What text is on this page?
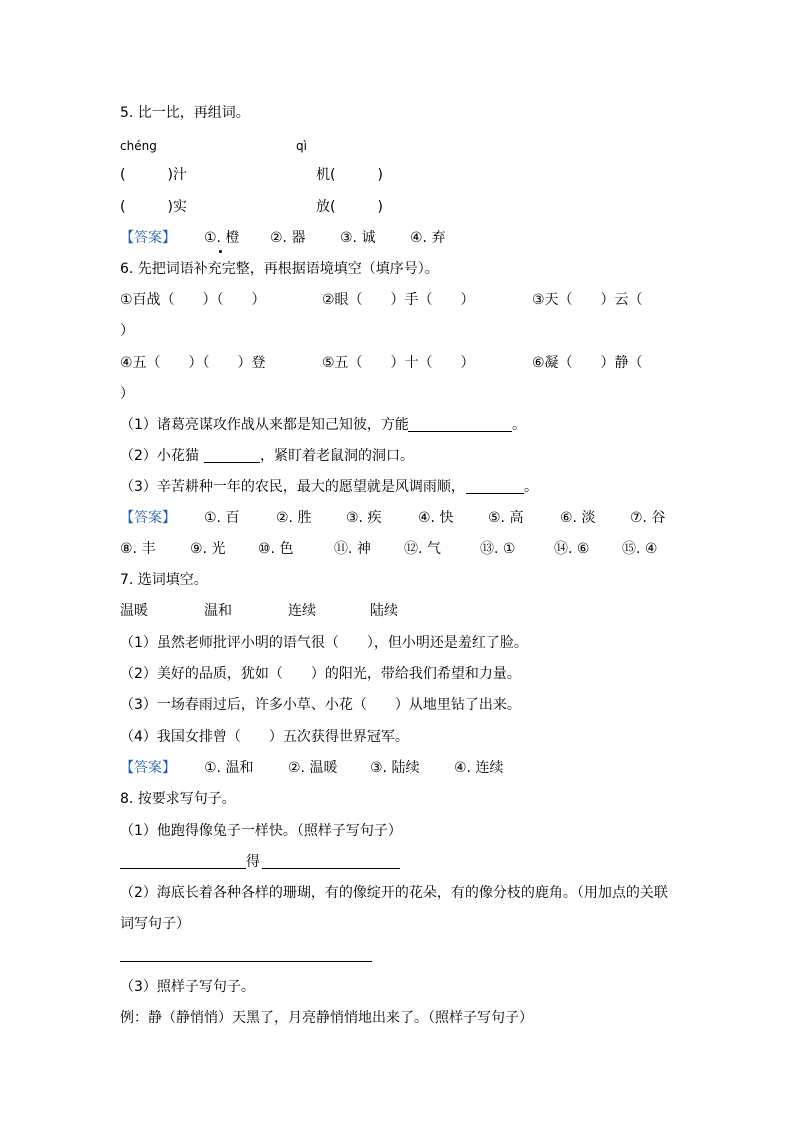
5. 比一比，再组词。
chéng	qì
(　　　)汁	机(　　　)
(　　　)实	放(　　　)
【答案】 ①. 橙 ②. 器 ③. 诚 ④. 弃
6. 先把词语补充完整，再根据语境填空（填序号）。
①百战（　　）（　　）	②眼（　　）手（　　）	③天（　　）云（
）
④五（　　）（　　）登	⑤五（　　）十（　　）	⑥凝（　　）静（
）
（1）诸葛亮谋攻作战从来都是知己知彼，方能	。
（2）小花猫	，紧盯着老鼠洞的洞口。
（3）辛苦耕种一年的农民，最大的愿望就是风调雨顺，	。
【答案】 ①. 百	②. 胜 ③. 疾	④. 快 ⑤. 高	⑥. 淡 ⑦. 谷
⑧. 丰 ⑨. 光 ⑩. 色	⑪. 神 ⑫. 气	⑬. ①	⑭. ⑥ ⑮. ④
7. 选词填空。
温暖	温和	连续	陆续
（1）虽然老师批评小明的语气很（　　），但小明还是羞红了脸。
（2）美好的品质，犹如（　　）的阳光，带给我们希望和力量。
（3）一场春雨过后，许多小草、小花（　　）从地里钻了出来。
（4）我国女排曾（　　）五次获得世界冠军。
【答案】 ①. 温和 ②. 温暖 ③. 陆续 ④. 连续
8. 按要求写句子。
（1）他跑得像兔子一样快。（照样子写句子）
得
（2）海底长着各种各样的珊瑚，有的像绽开的花朵，有的像分枝的鹿角。（用加点的关联
词写句子）
（3）照样子写句子。
例：静（静悄悄）天黑了，月亮静悄悄地出来了。（照样子写句子）
